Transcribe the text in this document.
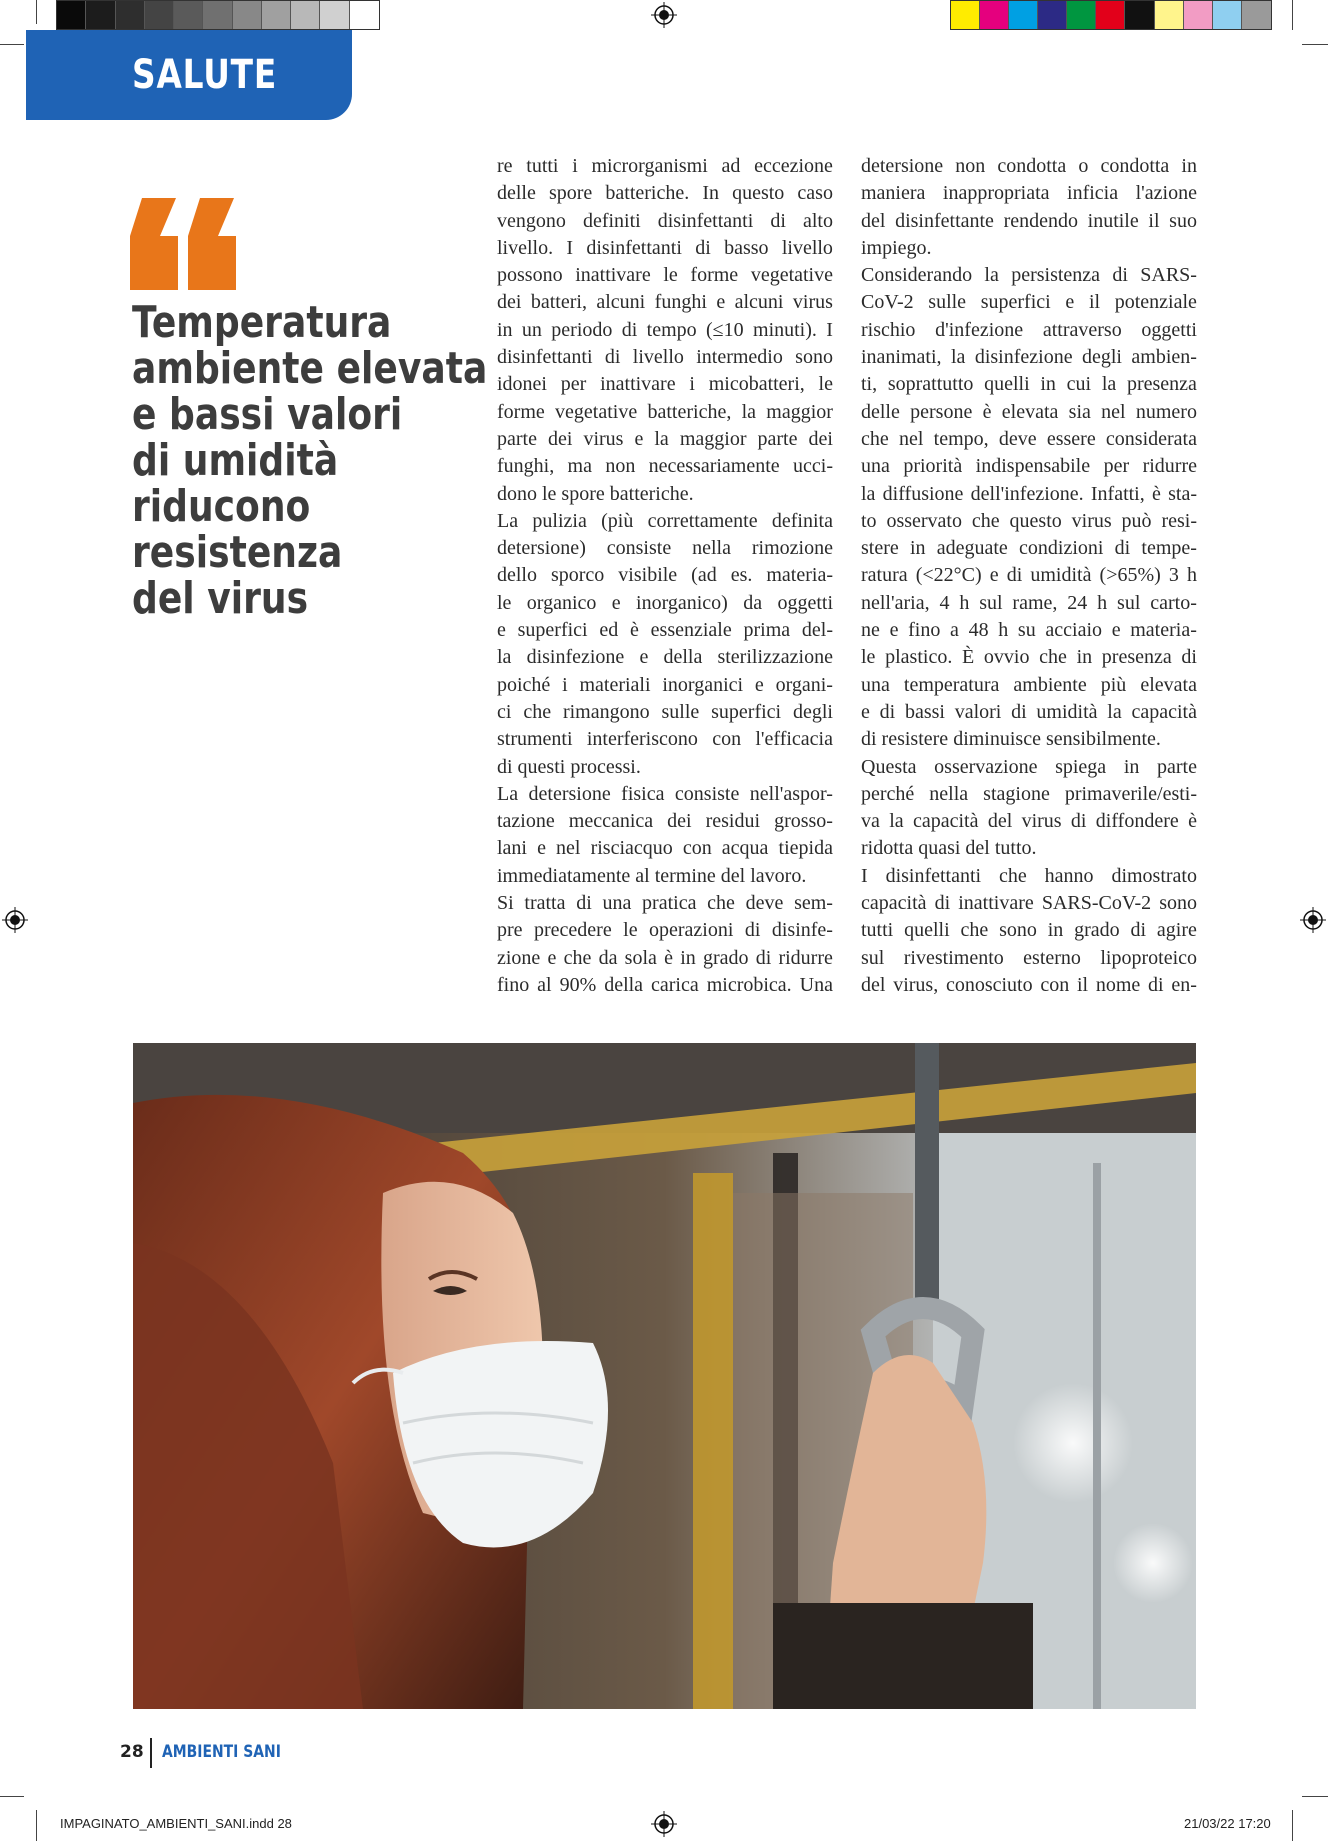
SALUTE
Temperatura
ambiente elevata
e bassi valori
di umidità
riducono
resistenza
del virus
re tutti i microrganismi ad eccezione
delle spore batteriche. In questo caso
vengono definiti disinfettanti di alto
livello. I disinfettanti di basso livello
possono inattivare le forme vegetative
dei batteri, alcuni funghi e alcuni virus
in un periodo di tempo (≤10 minuti). I
disinfettanti di livello intermedio sono
idonei per inattivare i micobatteri, le
forme vegetative batteriche, la maggior
parte dei virus e la maggior parte dei
funghi, ma non necessariamente ucci-
dono le spore batteriche.
La pulizia (più correttamente definita
detersione) consiste nella rimozione
dello sporco visibile (ad es. materia-
le organico e inorganico) da oggetti
e superfici ed è essenziale prima del-
la disinfezione e della sterilizzazione
poiché i materiali inorganici e organi-
ci che rimangono sulle superfici degli
strumenti interferiscono con l'efficacia
di questi processi.
La detersione fisica consiste nell'aspor-
tazione meccanica dei residui grosso-
lani e nel risciacquo con acqua tiepida
immediatamente al termine del lavoro.
Si tratta di una pratica che deve sem-
pre precedere le operazioni di disinfe-
zione e che da sola è in grado di ridurre
fino al 90% della carica microbica. Una
detersione non condotta o condotta in
maniera inappropriata inficia l'azione
del disinfettante rendendo inutile il suo
impiego.
Considerando la persistenza di SARS-
CoV-2 sulle superfici e il potenziale
rischio d'infezione attraverso oggetti
inanimati, la disinfezione degli ambien-
ti, soprattutto quelli in cui la presenza
delle persone è elevata sia nel numero
che nel tempo, deve essere considerata
una priorità indispensabile per ridurre
la diffusione dell'infezione. Infatti, è sta-
to osservato che questo virus può resi-
stere in adeguate condizioni di tempe-
ratura (<22°C) e di umidità (>65%) 3 h
nell'aria, 4 h sul rame, 24 h sul carto-
ne e fino a 48 h su acciaio e materia-
le plastico. È ovvio che in presenza di
una temperatura ambiente più elevata
e di bassi valori di umidità la capacità
di resistere diminuisce sensibilmente.
Questa osservazione spiega in parte
perché nella stagione primaverile/esti-
va la capacità del virus di diffondere è
ridotta quasi del tutto.
I disinfettanti che hanno dimostrato
capacità di inattivare SARS-CoV-2 sono
tutti quelli che sono in grado di agire
sul rivestimento esterno lipoproteico
del virus, conosciuto con il nome di en-
28 AMBIENTI SANI
IMPAGINATO_AMBIENTI_SANI.indd 28	21/03/22 17:20
